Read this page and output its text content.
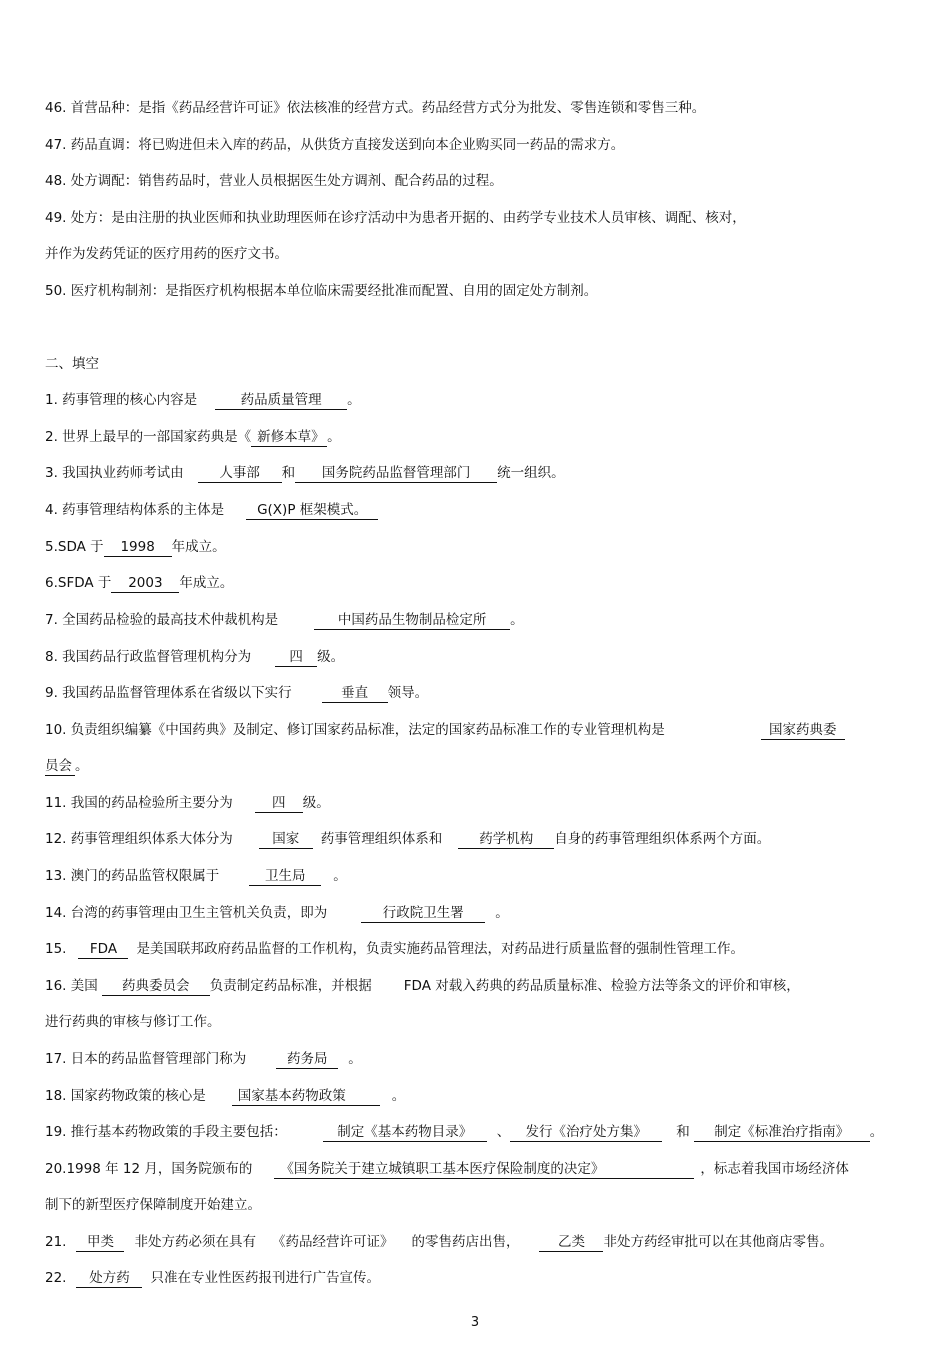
46. 首营品种：是指《药品经营许可证》依法核准的经营方式。药品经营方式分为批发、零售连锁和零售三种。
47. 药品直调：将已购进但未入库的药品，从供货方直接发送到向本企业购买同一药品的需求方。
48. 处方调配：销售药品时，营业人员根据医生处方调剂、配合药品的过程。
49. 处方：是由注册的执业医师和执业助理医师在诊疗活动中为患者开据的、由药学专业技术人员审核、调配、核对，
并作为发药凭证的医疗用药的医疗文书。
50. 医疗机构制剂：是指医疗机构根据本单位临床需要经批准而配置、自用的固定处方制剂。
二、填空
1. 药事管理的核心内容是	药品质量管理 。
2. 世界上最早的一部国家药典是《 新修本草》 。
3. 我国执业药师考试由	人事部 和 国务院药品监督管理部门 统一组织。
4. 药事管理结构体系的主体是 G(X)P 框架模式。
5.SDA 于 1998 年成立。
6.SFDA 于 2003 年成立。
7. 全国药品检验的最高技术仲裁机构是	中国药品生物制品检定所 。
8. 我国药品行政监督管理机构分为	四 级。
9. 我国药品监督管理体系在省级以下实行	垂直 领导。
10. 负责组织编纂《中国药典》及制定、修订国家药品标准，法定的国家药品标准工作的专业管理机构是	国家药典委
员会 。
11. 我国的药品检验所主要分为	四 级。
12. 药事管理组织体系大体分为	国家 药事管理组织体系和	药学机构 自身的药事管理组织体系两个方面。
13. 澳门的药品监管权限属于	卫生局 。
14. 台湾的药事管理由卫生主管机关负责，即为	行政院卫生署 。
15. FDA 是美国联邦政府药品监督的工作机构，负责实施药品管理法，对药品进行质量监督的强制性管理工作。
16. 美国 药典委员会 负责制定药品标准，并根据 FDA 对载入药典的药品质量标准、检验方法等条文的评价和审核，
进行药典的审核与修订工作。
17. 日本的药品监督管理部门称为	药务局 。
18. 国家药物政策的核心是 国家基本药物政策	。
19. 推行基本药物政策的手段主要包括：	制定《基本药物目录》 、 发行《治疗处方集》 和 制定《标准治疗指南》 。
20.1998 年 12 月，国务院颁布的 《国务院关于建立城镇职工基本医疗保险制度的决定》	，标志着我国市场经济体
制下的新型医疗保障制度开始建立。
21. 甲类 非处方药必须在具有 《药品经营许可证》 的零售药店出售，	乙类 非处方药经审批可以在其他商店零售。
22. 处方药 只准在专业性医药报刊进行广告宣传。
3
